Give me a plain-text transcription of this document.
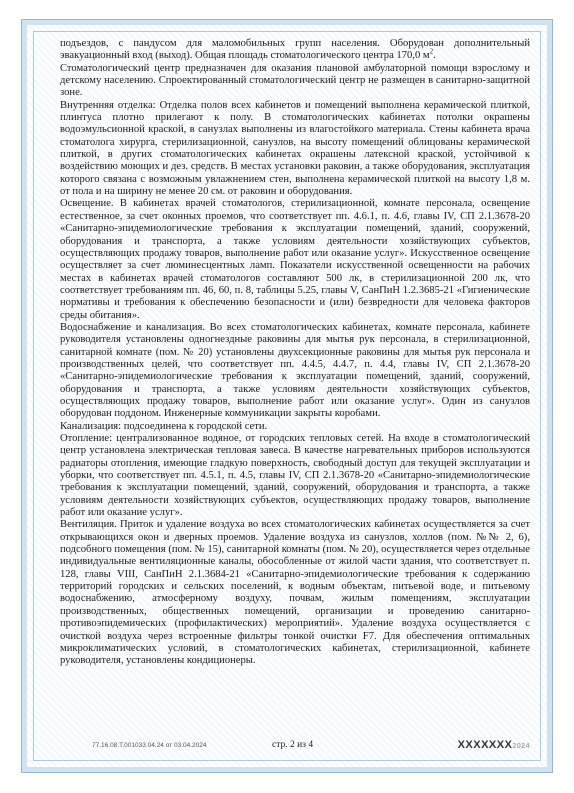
подъездов, с пандусом для маломобильных групп населения. Оборудован дополнительный эвакуационный вход (выход). Общая площадь стоматологического центра 170,0 $м^2$.

Стоматологический центр предназначен для оказания плановой амбулаторной помощи взрослому и детскому населению. Спроектированный стоматологический центр не размещен в санитарно-защитной зоне.

Внутренняя отделка: Отделка полов всех кабинетов и помещений выполнена керамической плиткой, плинтуса плотно прилегают к полу. В стоматологических кабинетах потолки окрашены водоэмульсионной краской, в санузлах выполнены из влагостойкого материала. Стены кабинета врача стоматолога хирурга, стерилизационной, санузлов, на высоту помещений облицованы керамической плиткой, в других стоматологических кабинетах окрашены латексной краской, устойчивой к воздействию моющих и дез. средств. В местах установки раковин, а также оборудования, эксплуатация которого связана с возможным увлажнением стен, выполнена керамической плиткой на высоту 1,8 м. от пола и на ширину не менее 20 см. от раковин и оборудования.

Освещение. В кабинетах врачей стоматологов, стерилизационной, комнате персонала, освещение естественное, за счет оконных проемов, что соответствует пп. 4.6.1, п. 4.6, главы IV, СП 2.1.3678-20 «Санитарно-эпидемиологические требования к эксплуатации помещений, зданий, сооружений, оборудования и транспорта, а также условиям деятельности хозяйствующих субъектов, осуществляющих продажу товаров, выполнение работ или оказание услуг». Искусственное освещение осуществляет за счет люминесцентных ламп. Показатели искусственной освещенности на рабочих местах в кабинетах врачей стоматологов составляют 500 лк, в стерилизационной 200 лк, что соответствует требованиям пп. 46, 60, п. 8, таблицы 5.25, главы V, СанПиН 1.2.3685-21 «Гигиенические нормативы и требования к обеспечению безопасности и (или) безвредности для человека факторов среды обитания».

Водоснабжение и канализация. Во всех стоматологических кабинетах, комнате персонала, кабинете руководителя установлены одногнездные раковины для мытья рук персонала, в стерилизационной, санитарной комнате (пом. № 20) установлены двухсекционные раковины для мытья рук персонала и производственных целей, что соответствует пп. 4.4.5, 4.4.7, п. 4.4, главы IV, СП 2.1.3678-20 «Санитарно-эпидемиологические требования к эксплуатации помещений, зданий, сооружений, оборудования и транспорта, а также условиям деятельности хозяйствующих субъектов, осуществляющих продажу товаров, выполнение работ или оказание услуг». Один из санузлов оборудован поддоном. Инженерные коммуникации закрыты коробами.

Канализация: подсоединена к городской сети.

Отопление: централизованное водяное, от городских тепловых сетей. На входе в стоматологический центр установлена электрическая тепловая завеса. В качестве нагревательных приборов используются радиаторы отопления, имеющие гладкую поверхность, свободный доступ для текущей эксплуатации и уборки, что соответствует пп. 4.5.1, п. 4.5, главы IV, СП 2.1.3678-20 «Санитарно-эпидемиологические требования к эксплуатации помещений, зданий, сооружений, оборудования и транспорта, а также условиям деятельности хозяйствующих субъектов, осуществляющих продажу товаров, выполнение работ или оказание услуг».

Вентиляция. Приток и удаление воздуха во всех стоматологических кабинетах осуществляется за счет открывающихся окон и дверных проемов. Удаление воздуха из санузлов, холлов (пом. №№ 2, 6), подсобного помещения (пом. № 15), санитарной комнаты (пом. № 20), осуществляется через отдельные индивидуальные вентиляционные каналы, обособленные от жилой части здания, что соответствует п. 128, главы VIII, СанПиН 2.1.3684-21 «Санитарно-эпидемиологические требования к содержанию территорий городских и сельских поселений, к водным объектам, питьевой воде, и питьевому водоснабжению, атмосферному воздуху, почвам, жилым помещениям, эксплуатации производственных, общественных помещений, организации и проведению санитарно-противоэпидемических (профилактических) мероприятий». Удаление воздуха осуществляется с очисткой воздуха через встроенные фильтры тонкой очистки F7. Для обеспечения оптимальных микроклиматических условий, в стоматологических кабинетах, стерилизационной, кабинете руководителя, установлены кондиционеры.

77.16.08.Т.001033.04.24 от 03.04.2024	стр. 2 из 4	XXXXXXX2024
